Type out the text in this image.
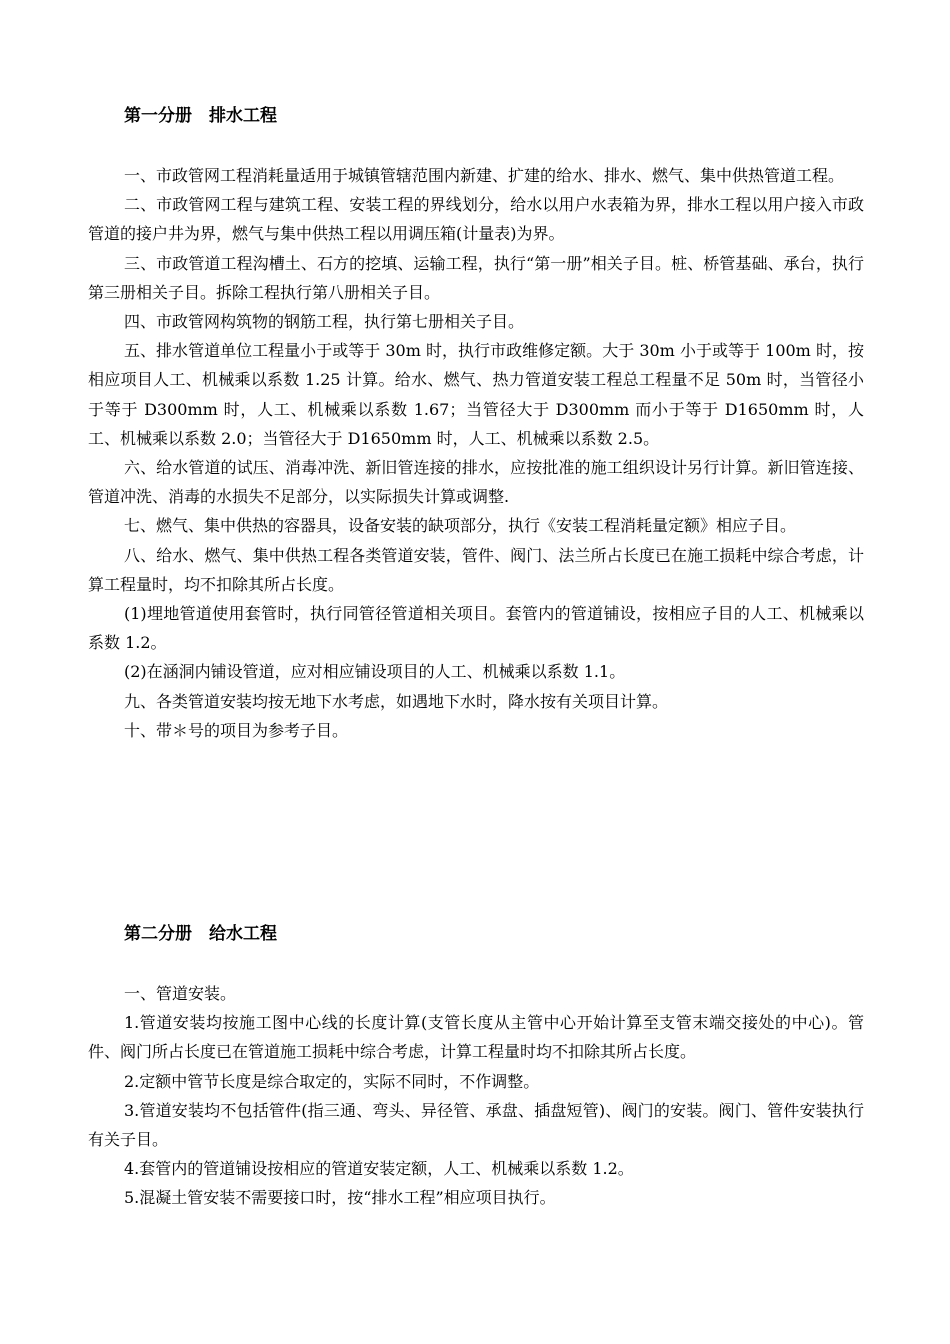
第一分册　排水工程

一、市政管网工程消耗量适用于城镇管辖范围内新建、扩建的给水、排水、燃气、集中供热管道工程。

二、市政管网工程与建筑工程、安装工程的界线划分，给水以用户水表箱为界，排水工程以用户接入市政管道的接户井为界，燃气与集中供热工程以用调压箱(计量表)为界。

三、市政管道工程沟槽土、石方的挖填、运输工程，执行“第一册”相关子目。桩、桥管基础、承台，执行第三册相关子目。拆除工程执行第八册相关子目。

四、市政管网构筑物的钢筋工程，执行第七册相关子目。

五、排水管道单位工程量小于或等于 30m 时，执行市政维修定额。大于 30m 小于或等于 100m 时，按相应项目人工、机械乘以系数 1.25 计算。给水、燃气、热力管道安装工程总工程量不足 50m 时，当管径小于等于 D300mm 时，人工、机械乘以系数 1.67；当管径大于 D300mm 而小于等于 D1650mm 时，人工、机械乘以系数 2.0；当管径大于 D1650mm 时，人工、机械乘以系数 2.5。

六、给水管道的试压、消毒冲洗、新旧管连接的排水，应按批准的施工组织设计另行计算。新旧管连接、管道冲洗、消毒的水损失不足部分，以实际损失计算或调整.

七、燃气、集中供热的容器具，设备安装的缺项部分，执行《安装工程消耗量定额》相应子目。

八、给水、燃气、集中供热工程各类管道安装，管件、阀门、法兰所占长度已在施工损耗中综合考虑，计算工程量时，均不扣除其所占长度。

(1)埋地管道使用套管时，执行同管径管道相关项目。套管内的管道铺设，按相应子目的人工、机械乘以系数 1.2。

(2)在涵洞内铺设管道，应对相应铺设项目的人工、机械乘以系数 1.1。

九、各类管道安装均按无地下水考虑，如遇地下水时，降水按有关项目计算。

十、带＊号的项目为参考子目。

第二分册　给水工程

一、管道安装。

1.管道安装均按施工图中心线的长度计算(支管长度从主管中心开始计算至支管末端交接处的中心)。管件、阀门所占长度已在管道施工损耗中综合考虑，计算工程量时均不扣除其所占长度。

2.定额中管节长度是综合取定的，实际不同时，不作调整。

3.管道安装均不包括管件(指三通、弯头、异径管、承盘、插盘短管)、阀门的安装。阀门、管件安装执行有关子目。

4.套管内的管道铺设按相应的管道安装定额，人工、机械乘以系数 1.2。

5.混凝土管安装不需要接口时，按“排水工程”相应项目执行。
